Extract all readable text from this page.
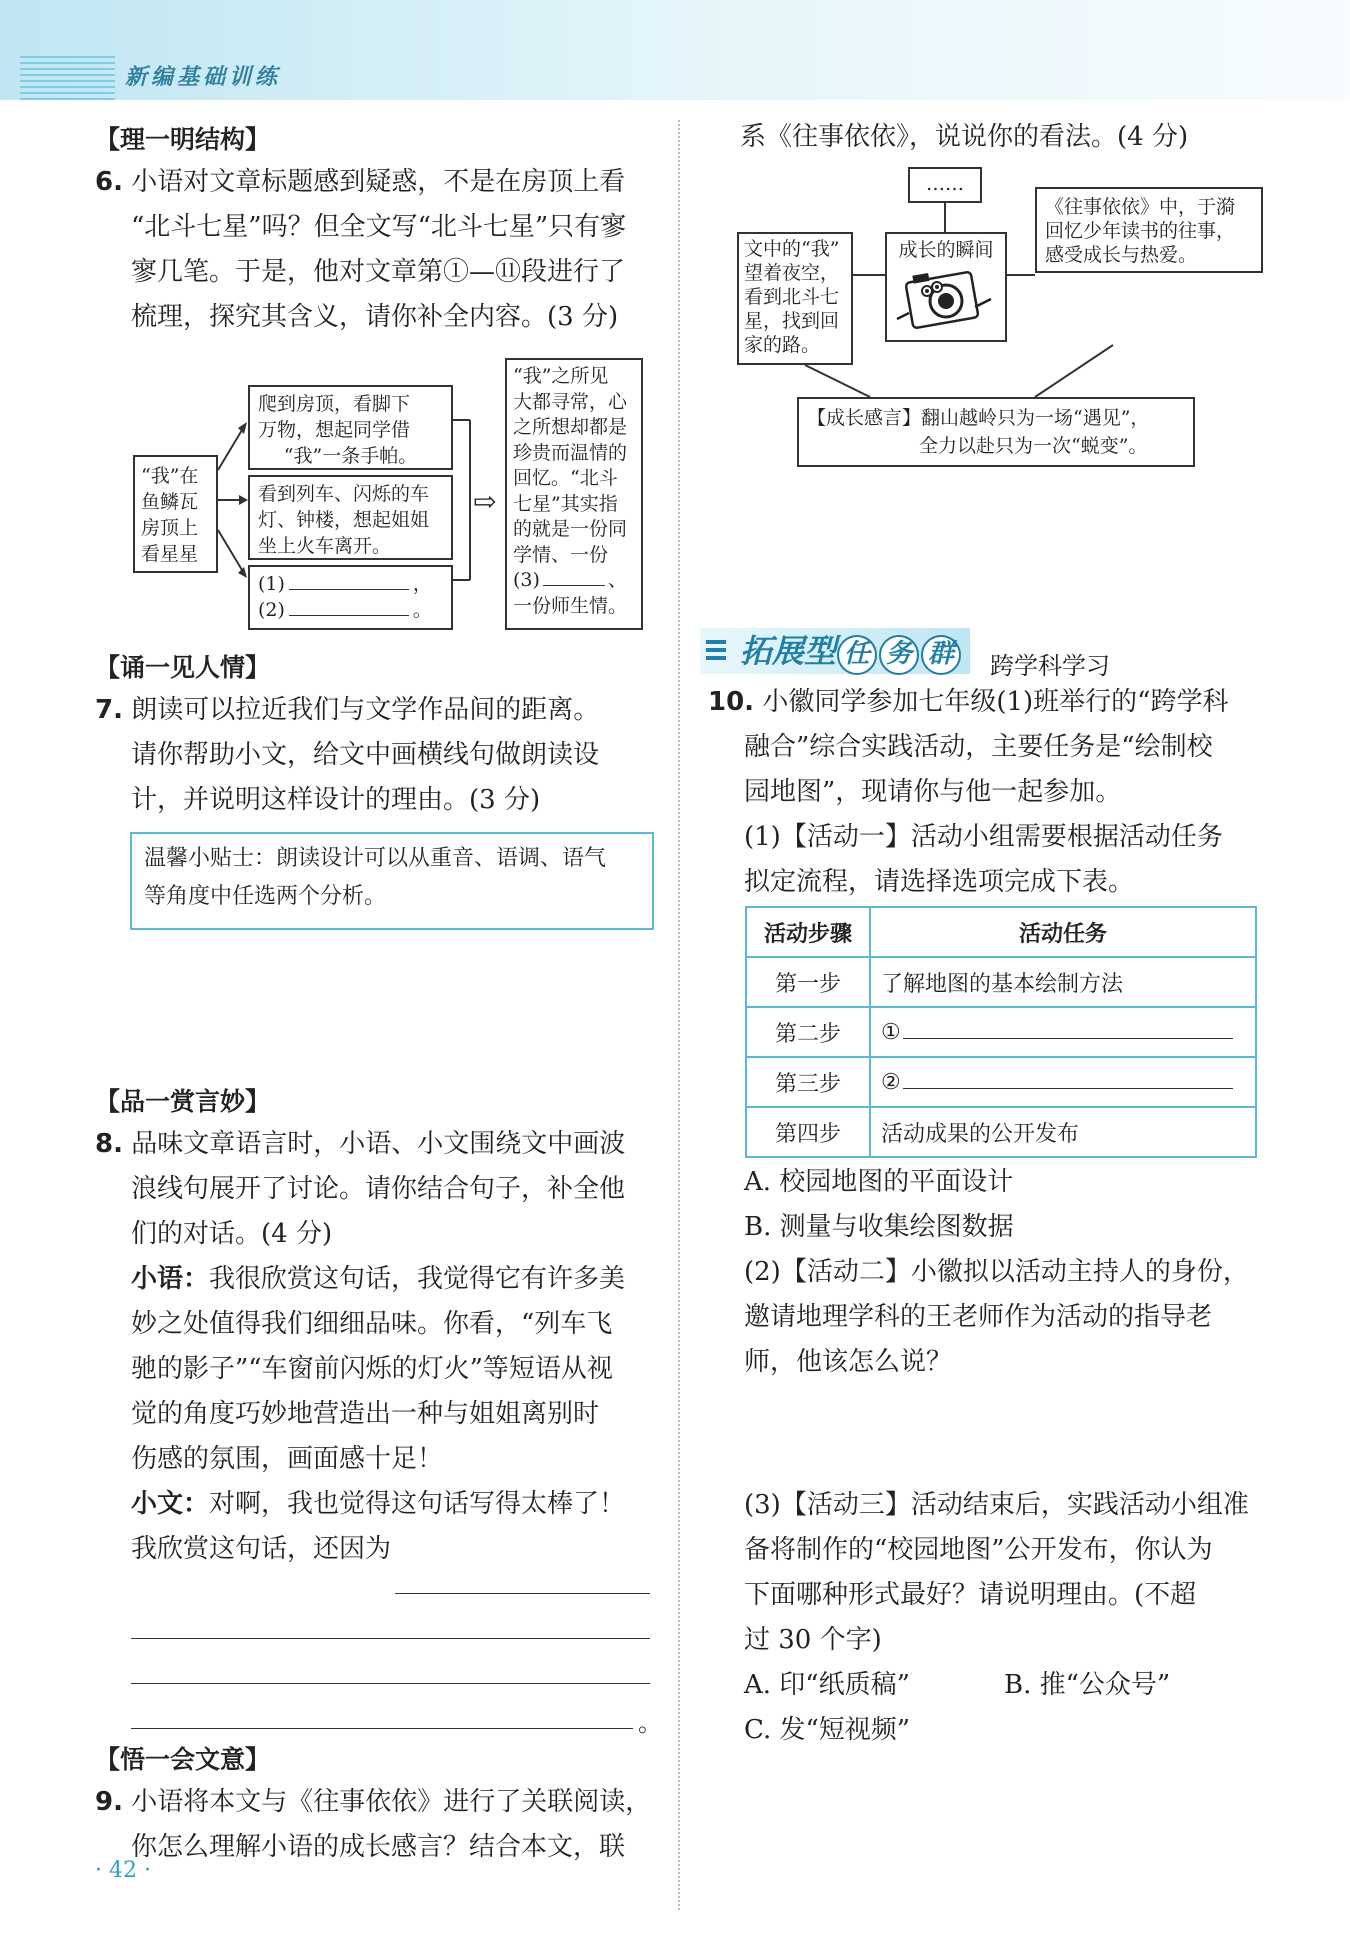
新编基础训练
【理一明结构】
6. 小语对文章标题感到疑惑，不是在房顶上看
“北斗七星”吗？但全文写“北斗七星”只有寥
寥几笔。于是，他对文章第①—⑪段进行了
梳理，探究其含义，请你补全内容。(3 分)
“我”在
鱼鳞瓦
房顶上
看星星
爬到房顶，看脚下
万物，想起同学借
“我”一条手帕。
看到列车、闪烁的车
灯、钟楼，想起姐姐
坐上火车离开。
(1)	，
(2)	。
⇨
“我”之所见
大都寻常，心
之所想却都是
珍贵而温情的
回忆。“北斗
七星”其实指
的就是一份同
学情、一份
(3)	、
一份师生情。
【诵一见人情】
7. 朗读可以拉近我们与文学作品间的距离。
请你帮助小文，给文中画横线句做朗读设
计，并说明这样设计的理由。(3 分)
温馨小贴士：朗读设计可以从重音、语调、语气
等角度中任选两个分析。
【品一赏言妙】
8. 品味文章语言时，小语、小文围绕文中画波
浪线句展开了讨论。请你结合句子，补全他
们的对话。(4 分)
小语：我很欣赏这句话，我觉得它有许多美
妙之处值得我们细细品味。你看，“列车飞
驰的影子”“车窗前闪烁的灯火”等短语从视
觉的角度巧妙地营造出一种与姐姐离别时
伤感的氛围，画面感十足！
小文：对啊，我也觉得这句话写得太棒了！
我欣赏这句话，还因为
。
【悟一会文意】
9. 小语将本文与《往事依依》进行了关联阅读，
你怎么理解小语的成长感言？结合本文，联
· 42 ·
系《往事依依》，说说你的看法。(4 分)
……
文中的“我”
望着夜空，
看到北斗七
星，找到回
家的路。
成长的瞬间
《往事依依》中，于漪
回忆少年读书的往事，
感受成长与热爱。
【成长感言】翻山越岭只为一场“遇见”，
全力以赴只为一次“蜕变”。
拓展型 任 务 群	跨学科学习
10. 小徽同学参加七年级(1)班举行的“跨学科
融合”综合实践活动，主要任务是“绘制校
园地图”，现请你与他一起参加。
(1)【活动一】活动小组需要根据活动任务
拟定流程，请选择选项完成下表。
活动步骤	活动任务
第一步	了解地图的基本绘制方法
第二步	①
第三步	②
第四步	活动成果的公开发布
A. 校园地图的平面设计
B. 测量与收集绘图数据
(2)【活动二】小徽拟以活动主持人的身份，
邀请地理学科的王老师作为活动的指导老
师，他该怎么说？
(3)【活动三】活动结束后，实践活动小组准
备将制作的“校园地图”公开发布，你认为
下面哪种形式最好？请说明理由。(不超
过 30 个字)
A. 印“纸质稿”	B. 推“公众号”
C. 发“短视频”
